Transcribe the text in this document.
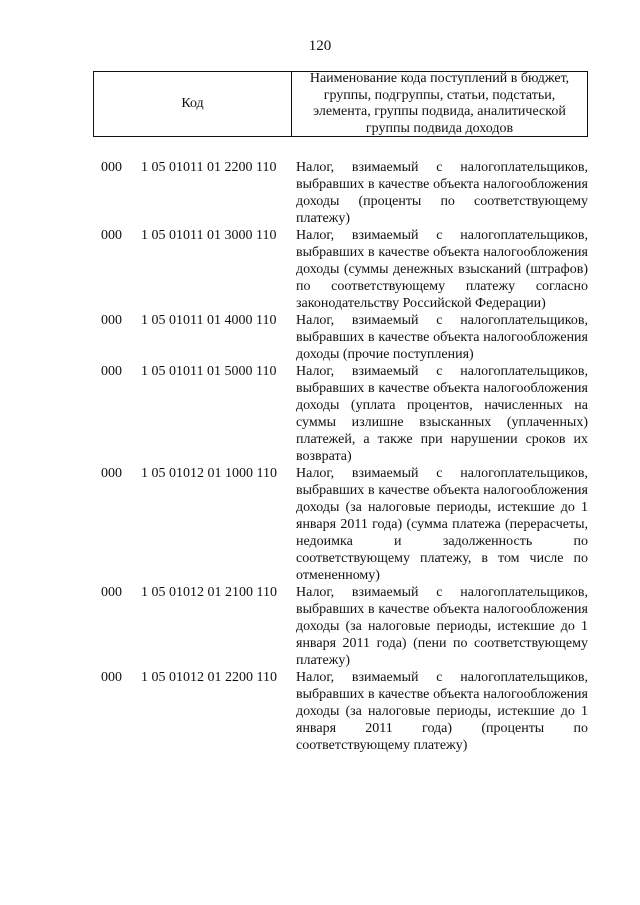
120
Код
Наименование кода поступлений в бюджет, группы, подгруппы, статьи, подстатьи, элемента, группы подвида, аналитической группы подвида доходов
000 1 05 01011 01 2200 110 Налог, взимаемый с налогоплательщиков, выбравших в качестве объекта налогообложения доходы (проценты по соответствующему платежу)
000 1 05 01011 01 3000 110 Налог, взимаемый с налогоплательщиков, выбравших в качестве объекта налогообложения доходы (суммы денежных взысканий (штрафов) по соответствующему платежу согласно законодательству Российской Федерации)
000 1 05 01011 01 4000 110 Налог, взимаемый с налогоплательщиков, выбравших в качестве объекта налогообложения доходы (прочие поступления)
000 1 05 01011 01 5000 110 Налог, взимаемый с налогоплательщиков, выбравших в качестве объекта налогообложения доходы (уплата процентов, начисленных на суммы излишне взысканных (уплаченных) платежей, а также при нарушении сроков их возврата)
000 1 05 01012 01 1000 110 Налог, взимаемый с налогоплательщиков, выбравших в качестве объекта налогообложения доходы (за налоговые периоды, истекшие до 1 января 2011 года) (сумма платежа (перерасчеты, недоимка и задолженность по соответствующему платежу, в том числе по отмененному)
000 1 05 01012 01 2100 110 Налог, взимаемый с налогоплательщиков, выбравших в качестве объекта налогообложения доходы (за налоговые периоды, истекшие до 1 января 2011 года) (пени по соответствующему платежу)
000 1 05 01012 01 2200 110 Налог, взимаемый с налогоплательщиков, выбравших в качестве объекта налогообложения доходы (за налоговые периоды, истекшие до 1 января 2011 года) (проценты по соответствующему платежу)
